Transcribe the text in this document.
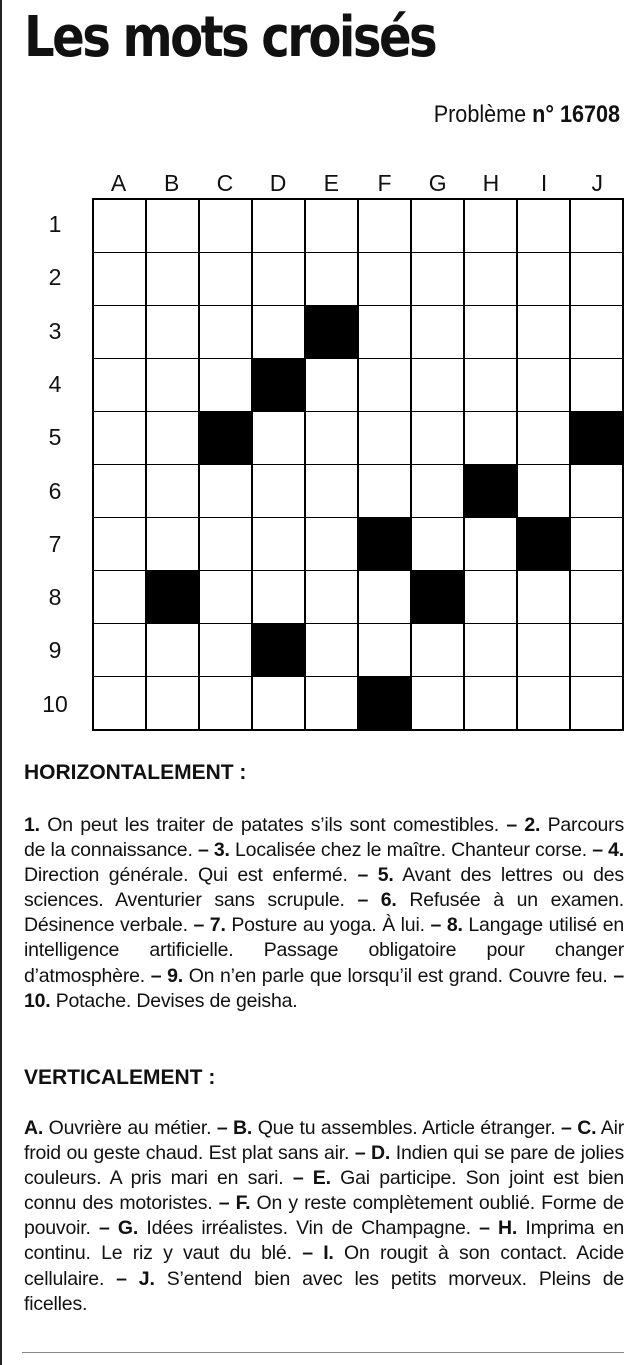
Les mots croisés
Problème n° 16708
A	B	C	D	E	F	G	H	I	J
1
2
3
4
5
6
7
8
9
10
HORIZONTALEMENT :

1. On peut les traiter de patates s’ils sont comestibles. – 2. Parcours de la connaissance. – 3. Localisée chez le maître. Chanteur corse. – 4. Direction générale. Qui est enfermé. – 5. Avant des lettres ou des sciences. Aventurier sans scrupule. – 6. Refusée à un examen. Désinence verbale. – 7. Posture au yoga. À lui. – 8. Langage utilisé en intelligence artificielle. Passage obligatoire pour changer d’atmosphère. – 9. On n’en parle que lorsqu’il est grand. Couvre feu. – 10. Potache. Devises de geisha.

VERTICALEMENT :

A. Ouvrière au métier. – B. Que tu assembles. Article étranger. – C. Air froid ou geste chaud. Est plat sans air. – D. Indien qui se pare de jolies couleurs. A pris mari en sari. – E. Gai participe. Son joint est bien connu des motoristes. – F. On y reste complètement oublié. Forme de pouvoir. – G. Idées irréalistes. Vin de Champagne. – H. Imprima en continu. Le riz y vaut du blé. – I. On rougit à son contact. Acide cellulaire. – J. S’entend bien avec les petits morveux. Pleins de ficelles.
